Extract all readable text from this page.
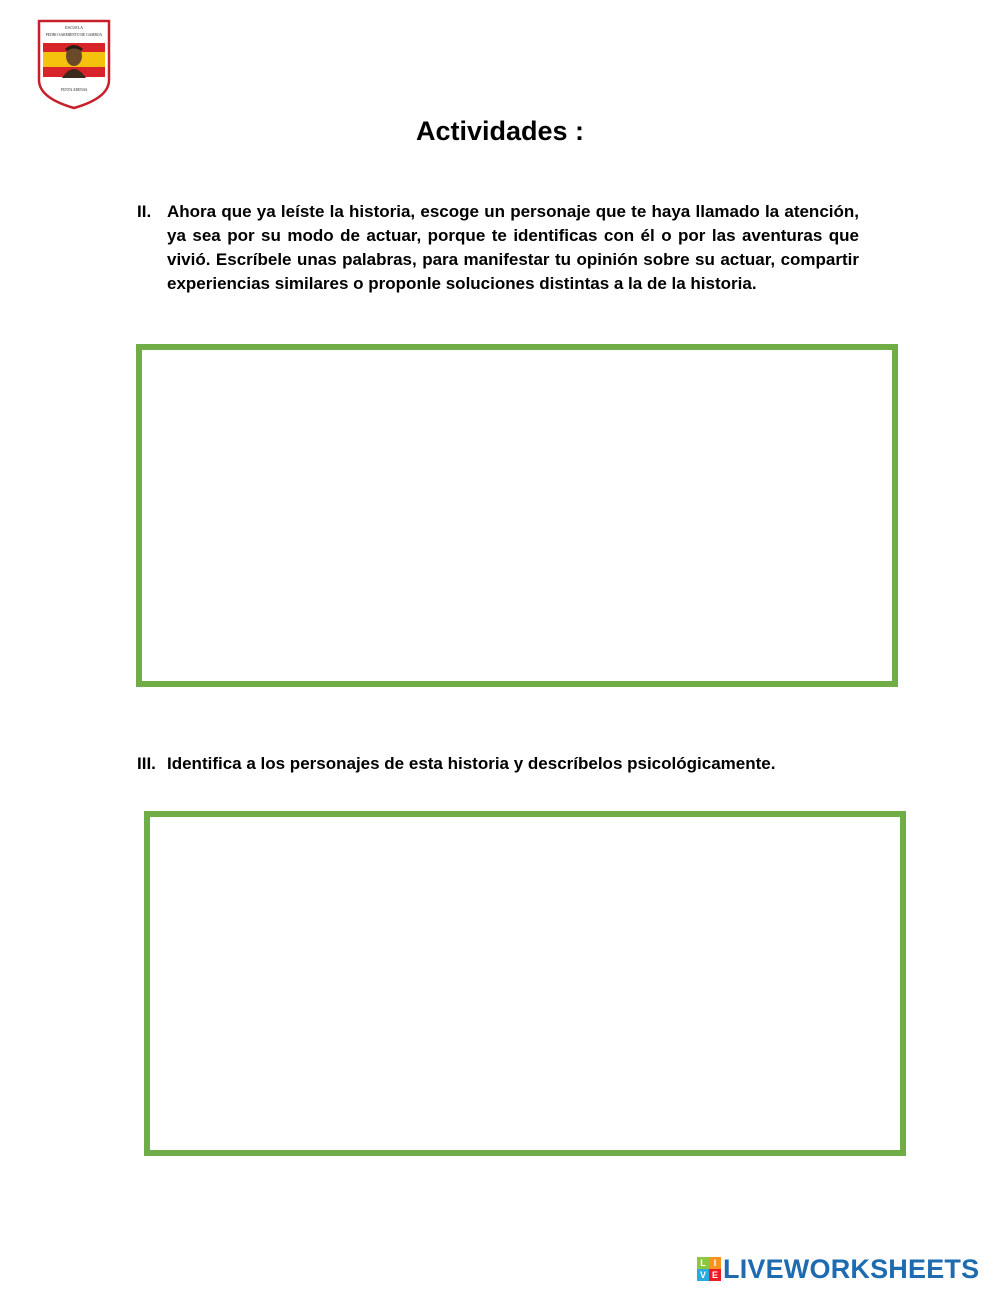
ESCUELA
PEDRO SARMIENTO DE GAMBOA
PUNTA ARENAS
Actividades :
II. Ahora que ya leíste la historia, escoge un personaje que te haya llamado la atención, ya sea por su modo de actuar, porque te identificas con él o por las aventuras que vivió. Escríbele unas palabras, para manifestar tu opinión sobre su actuar, compartir experiencias similares o proponle soluciones distintas a la de la historia.
III. Identifica a los personajes de esta historia y descríbelos psicológicamente.
L I
V E LIVEWORKSHEETS
